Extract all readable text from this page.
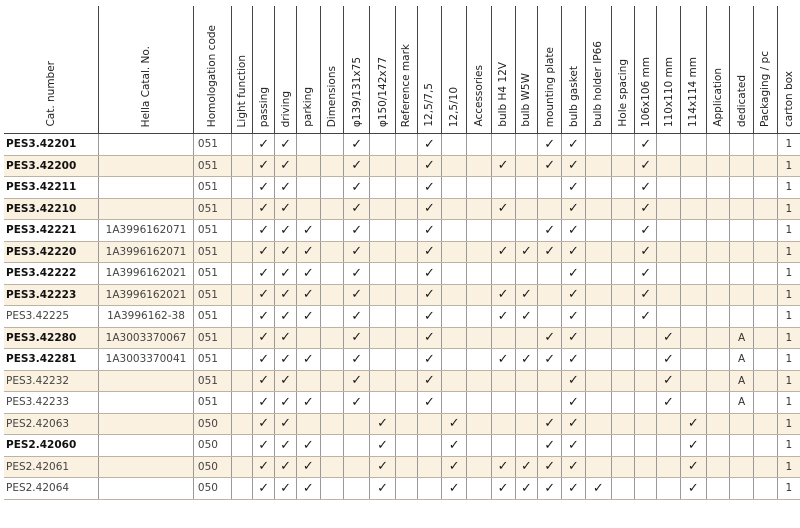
Cat. number	Hella Catal. No.	Homologation code	Light function	passing	driving	parking	Dimensions	φ139/131x75	φ150/142x77	Reference mark	12,5/7,5	12,5/10	Accessories	bulb H4 12V	bulb W5W	mounting plate	bulb gasket	bulb holder IP66	Hole spacing	106x106 mm	110x110 mm	114x114 mm	Application	dedicated	Packaging / pc	carton box

PES3.42201		051		✓	✓			✓			✓					✓	✓			✓						1
PES3.42200		051		✓	✓			✓			✓			✓		✓	✓			✓						1
PES3.42211		051		✓	✓			✓			✓						✓			✓						1
PES3.42210		051		✓	✓			✓			✓			✓			✓			✓						1
PES3.42221	1A3996162071	051		✓	✓	✓		✓			✓					✓	✓			✓						1
PES3.42220	1A3996162071	051		✓	✓	✓		✓			✓			✓	✓	✓	✓			✓						1
PES3.42222	1A3996162021	051		✓	✓	✓		✓			✓						✓			✓						1
PES3.42223	1A3996162021	051		✓	✓	✓		✓			✓			✓	✓		✓			✓						1
PES3.42225	1A3996162-38	051		✓	✓	✓		✓			✓			✓	✓		✓			✓						1
PES3.42280	1A3003370067	051		✓	✓			✓			✓					✓	✓				✓			A		1
PES3.42281	1A3003370041	051		✓	✓	✓		✓			✓			✓	✓	✓	✓				✓			A		1
PES3.42232		051		✓	✓			✓			✓						✓				✓			A		1
PES3.42233		051		✓	✓	✓		✓			✓						✓				✓			A		1
PES2.42063		050		✓	✓				✓			✓				✓	✓					✓				1
PES2.42060		050		✓	✓	✓			✓			✓				✓	✓					✓				1
PES2.42061		050		✓	✓	✓			✓			✓		✓	✓	✓	✓					✓				1
PES2.42064		050		✓	✓	✓			✓			✓		✓	✓	✓	✓	✓				✓				1
